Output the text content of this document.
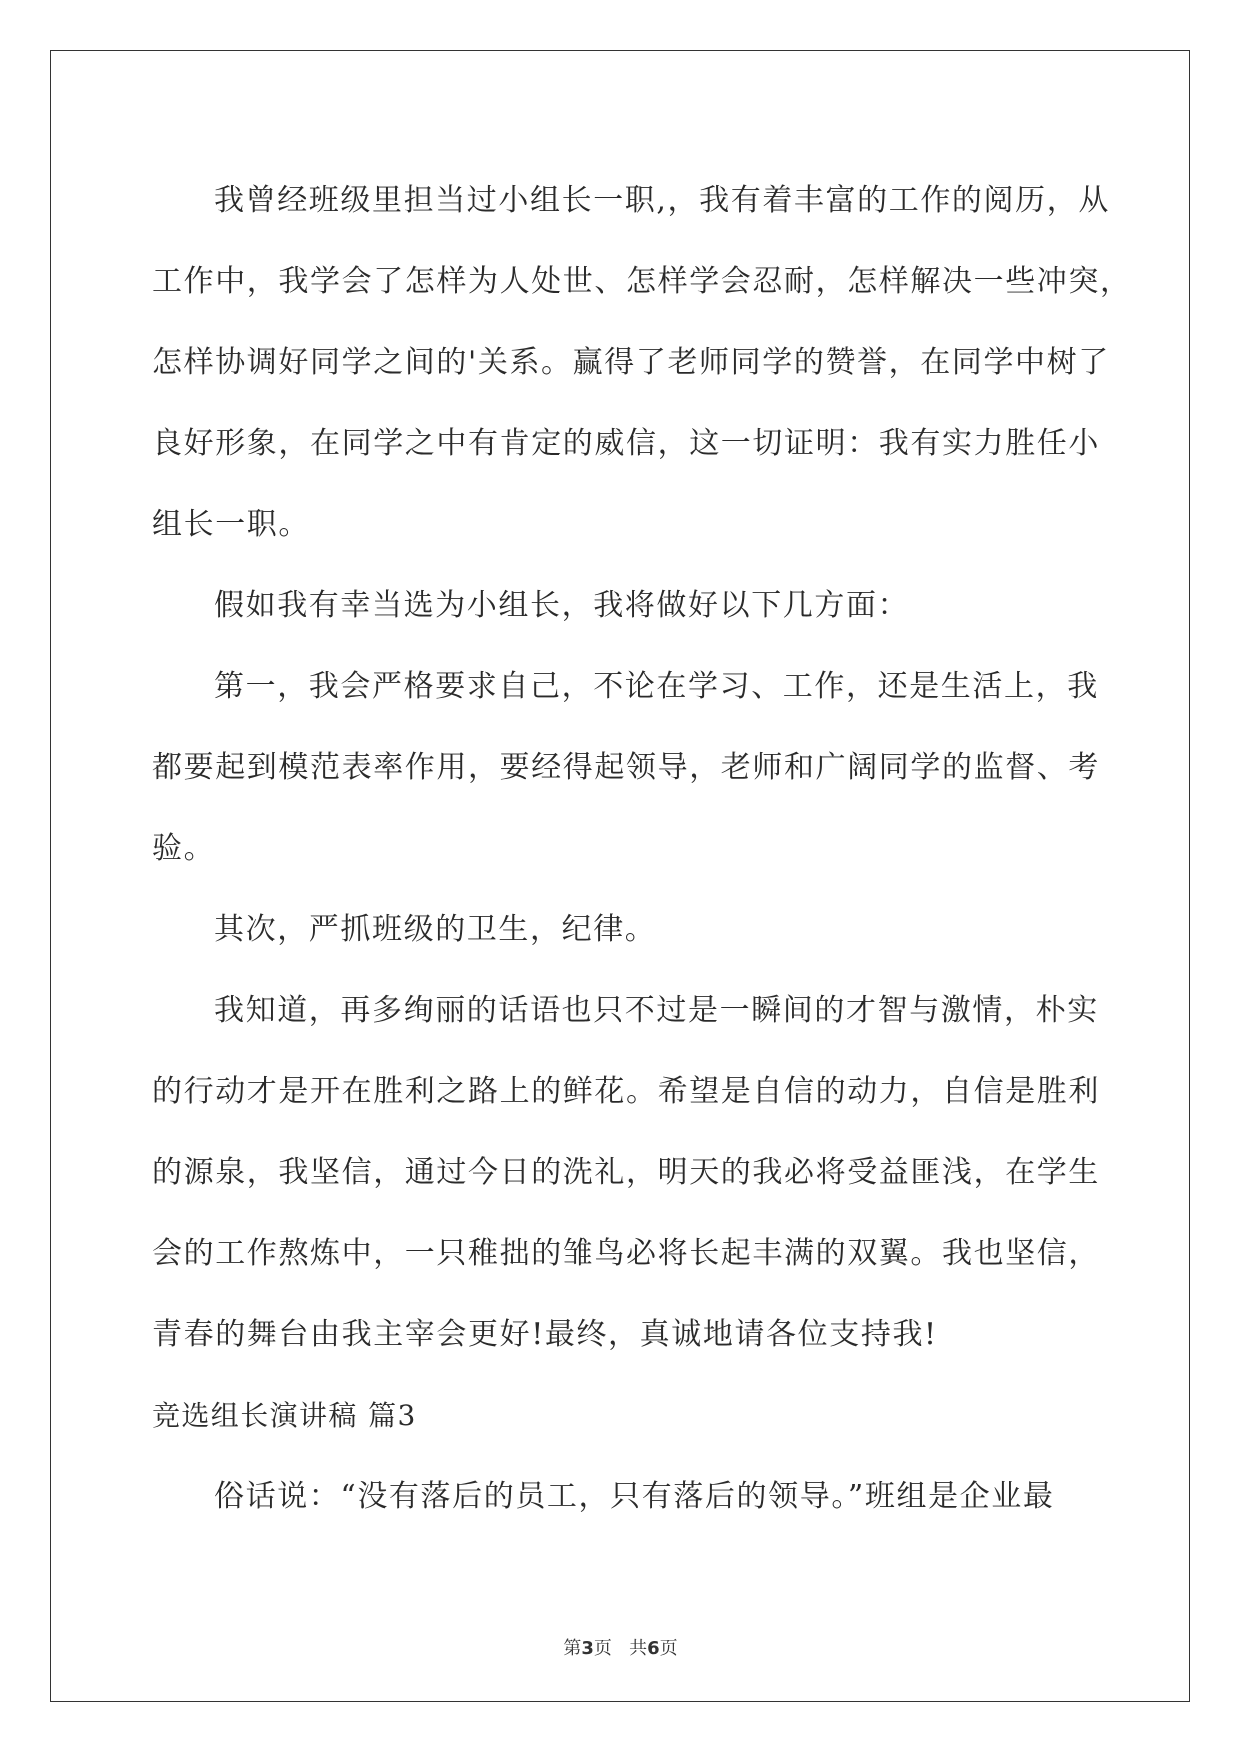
我曾经班级里担当过小组长一职,，我有着丰富的工作的阅历，从
工作中，我学会了怎样为人处世、怎样学会忍耐，怎样解决一些冲突，
怎样协调好同学之间的'关系。赢得了老师同学的赞誉，在同学中树了
良好形象，在同学之中有肯定的威信，这一切证明：我有实力胜任小
组长一职。

假如我有幸当选为小组长，我将做好以下几方面：

第一，我会严格要求自己，不论在学习、工作，还是生活上，我
都要起到模范表率作用，要经得起领导，老师和广阔同学的监督、考
验。

其次，严抓班级的卫生，纪律。

我知道，再多绚丽的话语也只不过是一瞬间的才智与激情，朴实
的行动才是开在胜利之路上的鲜花。希望是自信的动力，自信是胜利
的源泉，我坚信，通过今日的洗礼，明天的我必将受益匪浅，在学生
会的工作熬炼中，一只稚拙的雏鸟必将长起丰满的双翼。我也坚信，
青春的舞台由我主宰会更好!最终，真诚地请各位支持我!

竞选组长演讲稿 篇3

俗话说：“没有落后的员工，只有落后的领导。”班组是企业最

第3页 共6页
